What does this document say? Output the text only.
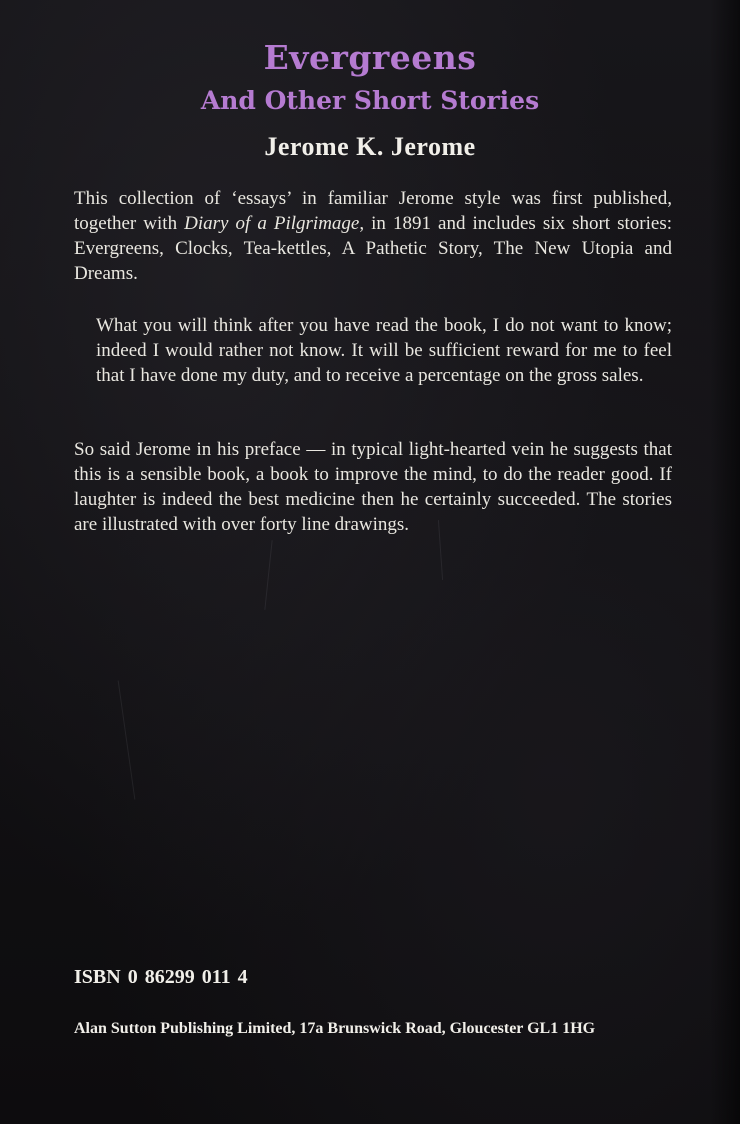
Evergreens
And Other Short Stories
Jerome K. Jerome

This collection of ‘essays’ in familiar Jerome style was first published, together with Diary of a Pilgrimage, in 1891 and includes six short stories: Evergreens, Clocks, Tea-kettles, A Pathetic Story, The New Utopia and Dreams.

What you will think after you have read the book, I do not want to know; indeed I would rather not know. It will be sufficient reward for me to feel that I have done my duty, and to receive a percentage on the gross sales.

So said Jerome in his preface — in typical light-hearted vein he suggests that this is a sensible book, a book to improve the mind, to do the reader good. If laughter is indeed the best medicine then he certainly succeeded. The stories are illustrated with over forty line drawings.

ISBN 0 86299 011 4

Alan Sutton Publishing Limited, 17a Brunswick Road, Gloucester GL1 1HG
